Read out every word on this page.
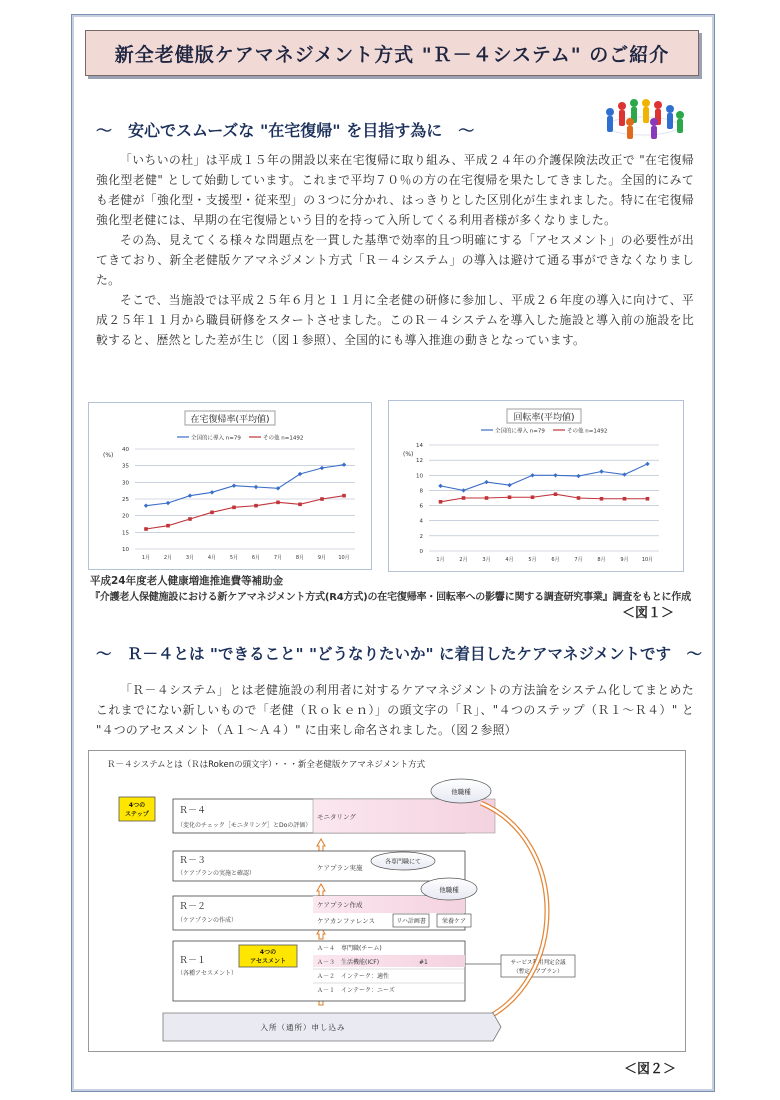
新全老健版ケアマネジメント方式 "Ｒ－４システム" のご紹介
～　安心でスムーズな "在宅復帰" を目指す為に　～

「いちいの杜」は平成１５年の開設以来在宅復帰に取り組み、平成２４年の介護保険法改正で "在宅復帰強化型老健" として始動しています。これまで平均７０％の方の在宅復帰を果たしてきました。全国的にみても老健が「強化型・支援型・従来型」の３つに分かれ、はっきりとした区別化が生まれました。特に在宅復帰強化型老健には、早期の在宅復帰という目的を持って入所してくる利用者様が多くなりました。

その為、見えてくる様々な問題点を一貫した基準で効率的且つ明確にする「アセスメント」の必要性が出てきており、新全老健版ケアマネジメント方式「Ｒ－４システム」の導入は避けて通る事ができなくなりました。

そこで、当施設では平成２５年６月と１１月に全老健の研修に参加し、平成２６年度の導入に向けて、平成２５年１１月から職員研修をスタートさせました。このＲ－４システムを導入した施設と導入前の施設を比較すると、歴然とした差が生じ（図１参照）、全国的にも導入推進の動きとなっています。

在宅復帰率(平均値)
全国的に導入 n=79	その他 n=1492
(%)
10
15
20
25
30
35
40
1月	2月	3月	4月	5月	6月	7月	8月	9月 10月
回転率(平均値)
全国的に導入 n=79	その他 n=1492
(%)
0
2
4
6
8
10
12
14
1月	2月	3月	4月	5月	6月	7月	8月	9月	10月
平成24年度老人健康増進推進費等補助金
『介護老人保健施設における新ケアマネジメント方式(R4方式)の在宅復帰率・回転率への影響に関する調査研究事業』調査をもとに作成
＜図１＞
～　Ｒ－４とは "できること" "どうなりたいか" に着目したケアマネジメントです　～

「Ｒ－４システム」とは老健施設の利用者に対するケアマネジメントの方法論をシステム化してまとめたこれまでにない新しいもので「老健（Ｒｏｋｅｎ）」の頭文字の「Ｒ」、"４つのステップ（Ｒ１～Ｒ４）" と "４つのアセスメント（Ａ１～Ａ４）" に由来し命名されました。（図２参照）

Ｒ－４システムとは（ＲはRokenの頭文字）・・・新全老健版ケアマネジメント方式
Ｒ－４
（変化のチェック［モニタリング］とDoの評価）
モニタリング
4つの
ステップ
Ｒ－３
（ケアプランの実施と確認）
ケアプラン実施
各専門職にて
Ｒ－２
（ケアプランの作成）
ケアプラン作成
ケアカンファレンス	リハ計画書	栄養ケア
Ｒ－１
（各種アセスメント）
Ａ－４　専門職(チーム)
Ａ－３　生活機能(ICF)
Ａ－２　インテーク：適性
Ａ－１　インテーク：ニーズ
#1
4つの
アセスメント	サービス利用判定会議
（暫定ケアプラン）
他職種
他職種
入所（通所）申し込み
＜図２＞
